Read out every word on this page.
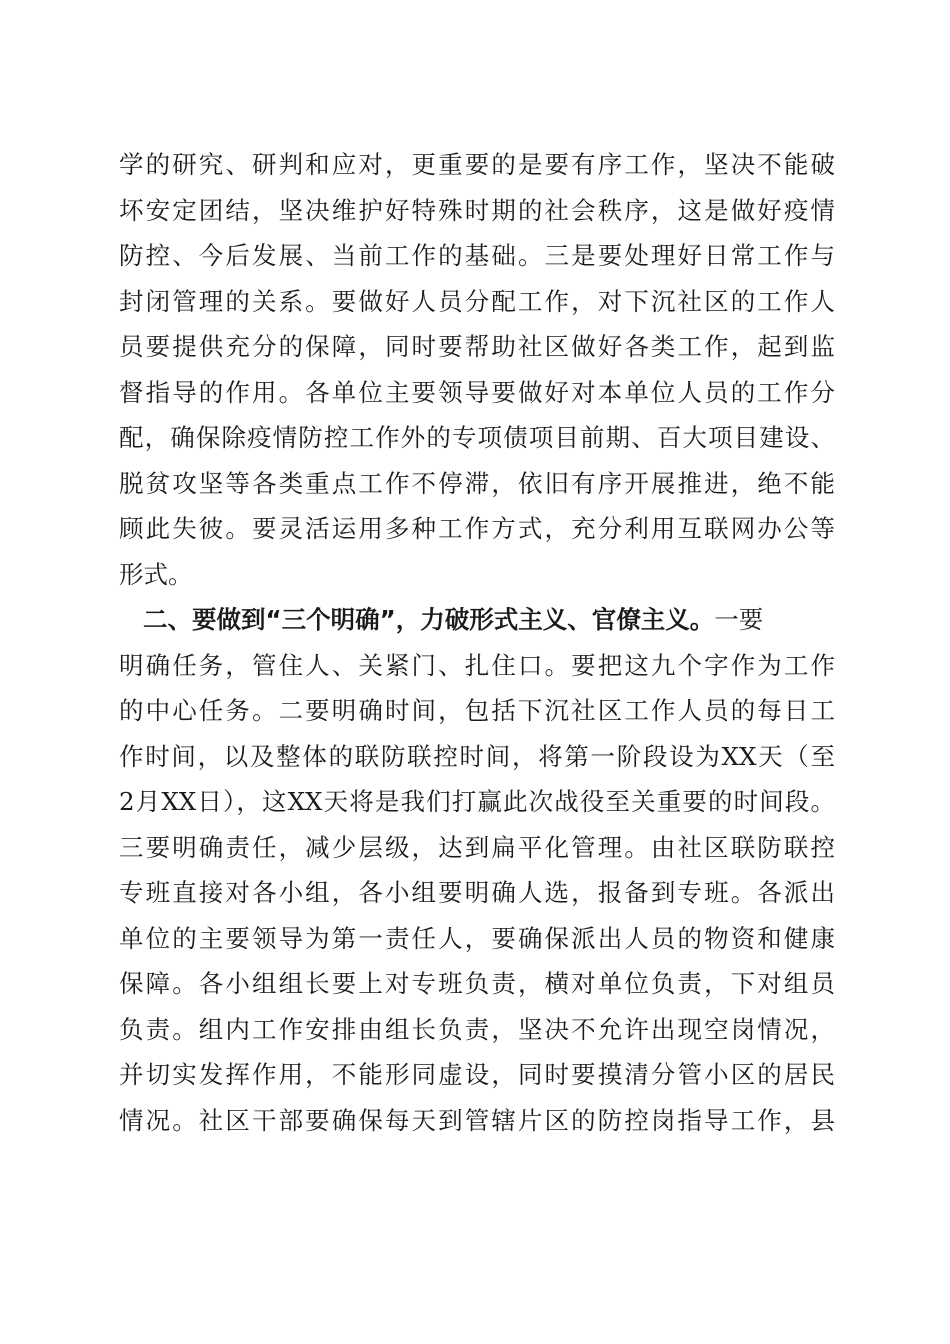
学的研究、研判和应对，更重要的是要有序工作，坚决不能破
坏安定团结，坚决维护好特殊时期的社会秩序，这是做好疫情
防控、今后发展、当前工作的基础。三是要处理好日常工作与
封闭管理的关系。要做好人员分配工作，对下沉社区的工作人
员要提供充分的保障，同时要帮助社区做好各类工作，起到监
督指导的作用。各单位主要领导要做好对本单位人员的工作分
配，确保除疫情防控工作外的专项债项目前期、百大项目建设、
脱贫攻坚等各类重点工作不停滞，依旧有序开展推进，绝不能
顾此失彼。要灵活运用多种工作方式，充分利用互联网办公等
形式。
二、要做到“三个明确”，力破形式主义、官僚主义。一要
明确任务，管住人、关紧门、扎住口。要把这九个字作为工作
的中心任务。二要明确时间，包括下沉社区工作人员的每日工
作时间，以及整体的联防联控时间，将第一阶段设为XX天（至
2月XX日），这XX天将是我们打赢此次战役至关重要的时间段。
三要明确责任，减少层级，达到扁平化管理。由社区联防联控
专班直接对各小组，各小组要明确人选，报备到专班。各派出
单位的主要领导为第一责任人，要确保派出人员的物资和健康
保障。各小组组长要上对专班负责，横对单位负责，下对组员
负责。组内工作安排由组长负责，坚决不允许出现空岗情况，
并切实发挥作用，不能形同虚设，同时要摸清分管小区的居民
情况。社区干部要确保每天到管辖片区的防控岗指导工作，县
